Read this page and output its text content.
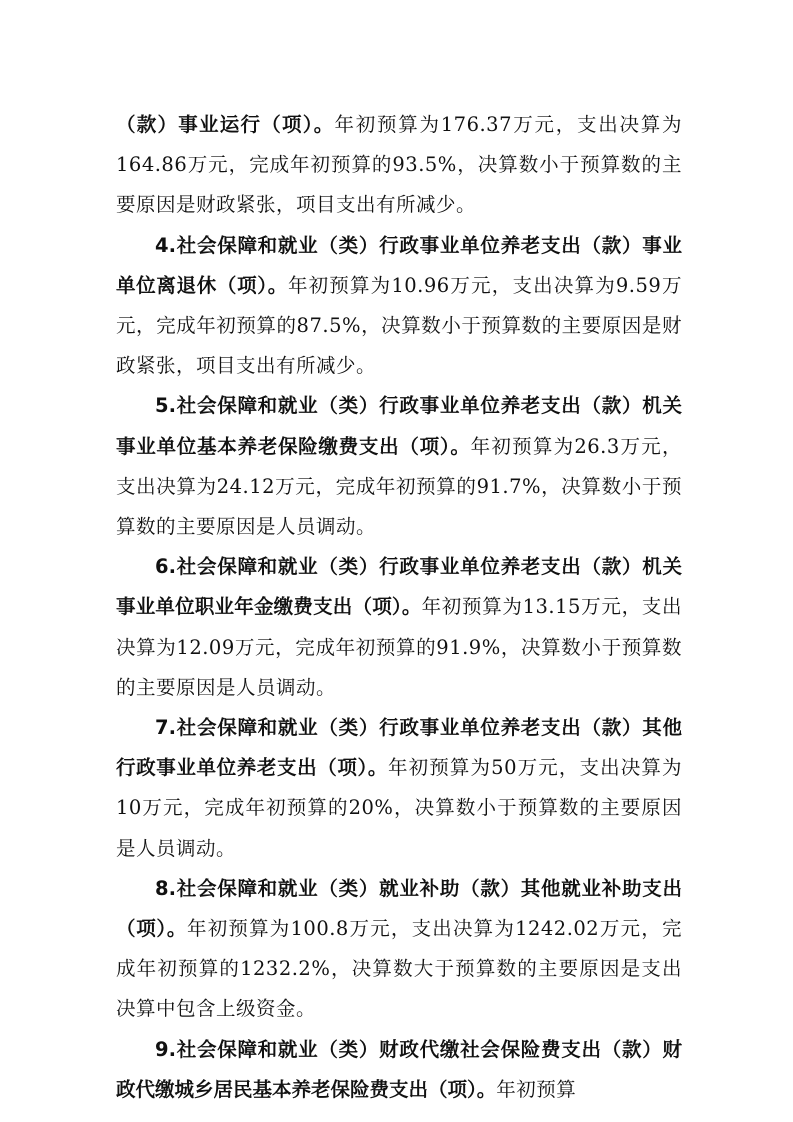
（款）事业运行（项）。年初预算为176.37万元，支出决算为164.86万元，完成年初预算的93.5%，决算数小于预算数的主要原因是财政紧张，项目支出有所减少。

4.社会保障和就业（类）行政事业单位养老支出（款）事业单位离退休（项）。年初预算为10.96万元，支出决算为9.59万元，完成年初预算的87.5%，决算数小于预算数的主要原因是财政紧张，项目支出有所减少。

5.社会保障和就业（类）行政事业单位养老支出（款）机关事业单位基本养老保险缴费支出（项）。年初预算为26.3万元，支出决算为24.12万元，完成年初预算的91.7%，决算数小于预算数的主要原因是人员调动。

6.社会保障和就业（类）行政事业单位养老支出（款）机关事业单位职业年金缴费支出（项）。年初预算为13.15万元，支出决算为12.09万元，完成年初预算的91.9%，决算数小于预算数的主要原因是人员调动。

7.社会保障和就业（类）行政事业单位养老支出（款）其他行政事业单位养老支出（项）。年初预算为50万元，支出决算为10万元，完成年初预算的20%，决算数小于预算数的主要原因是人员调动。

8.社会保障和就业（类）就业补助（款）其他就业补助支出（项）。年初预算为100.8万元，支出决算为1242.02万元，完成年初预算的1232.2%，决算数大于预算数的主要原因是支出决算中包含上级资金。

9.社会保障和就业（类）财政代缴社会保险费支出（款）财政代缴城乡居民基本养老保险费支出（项）。年初预算
